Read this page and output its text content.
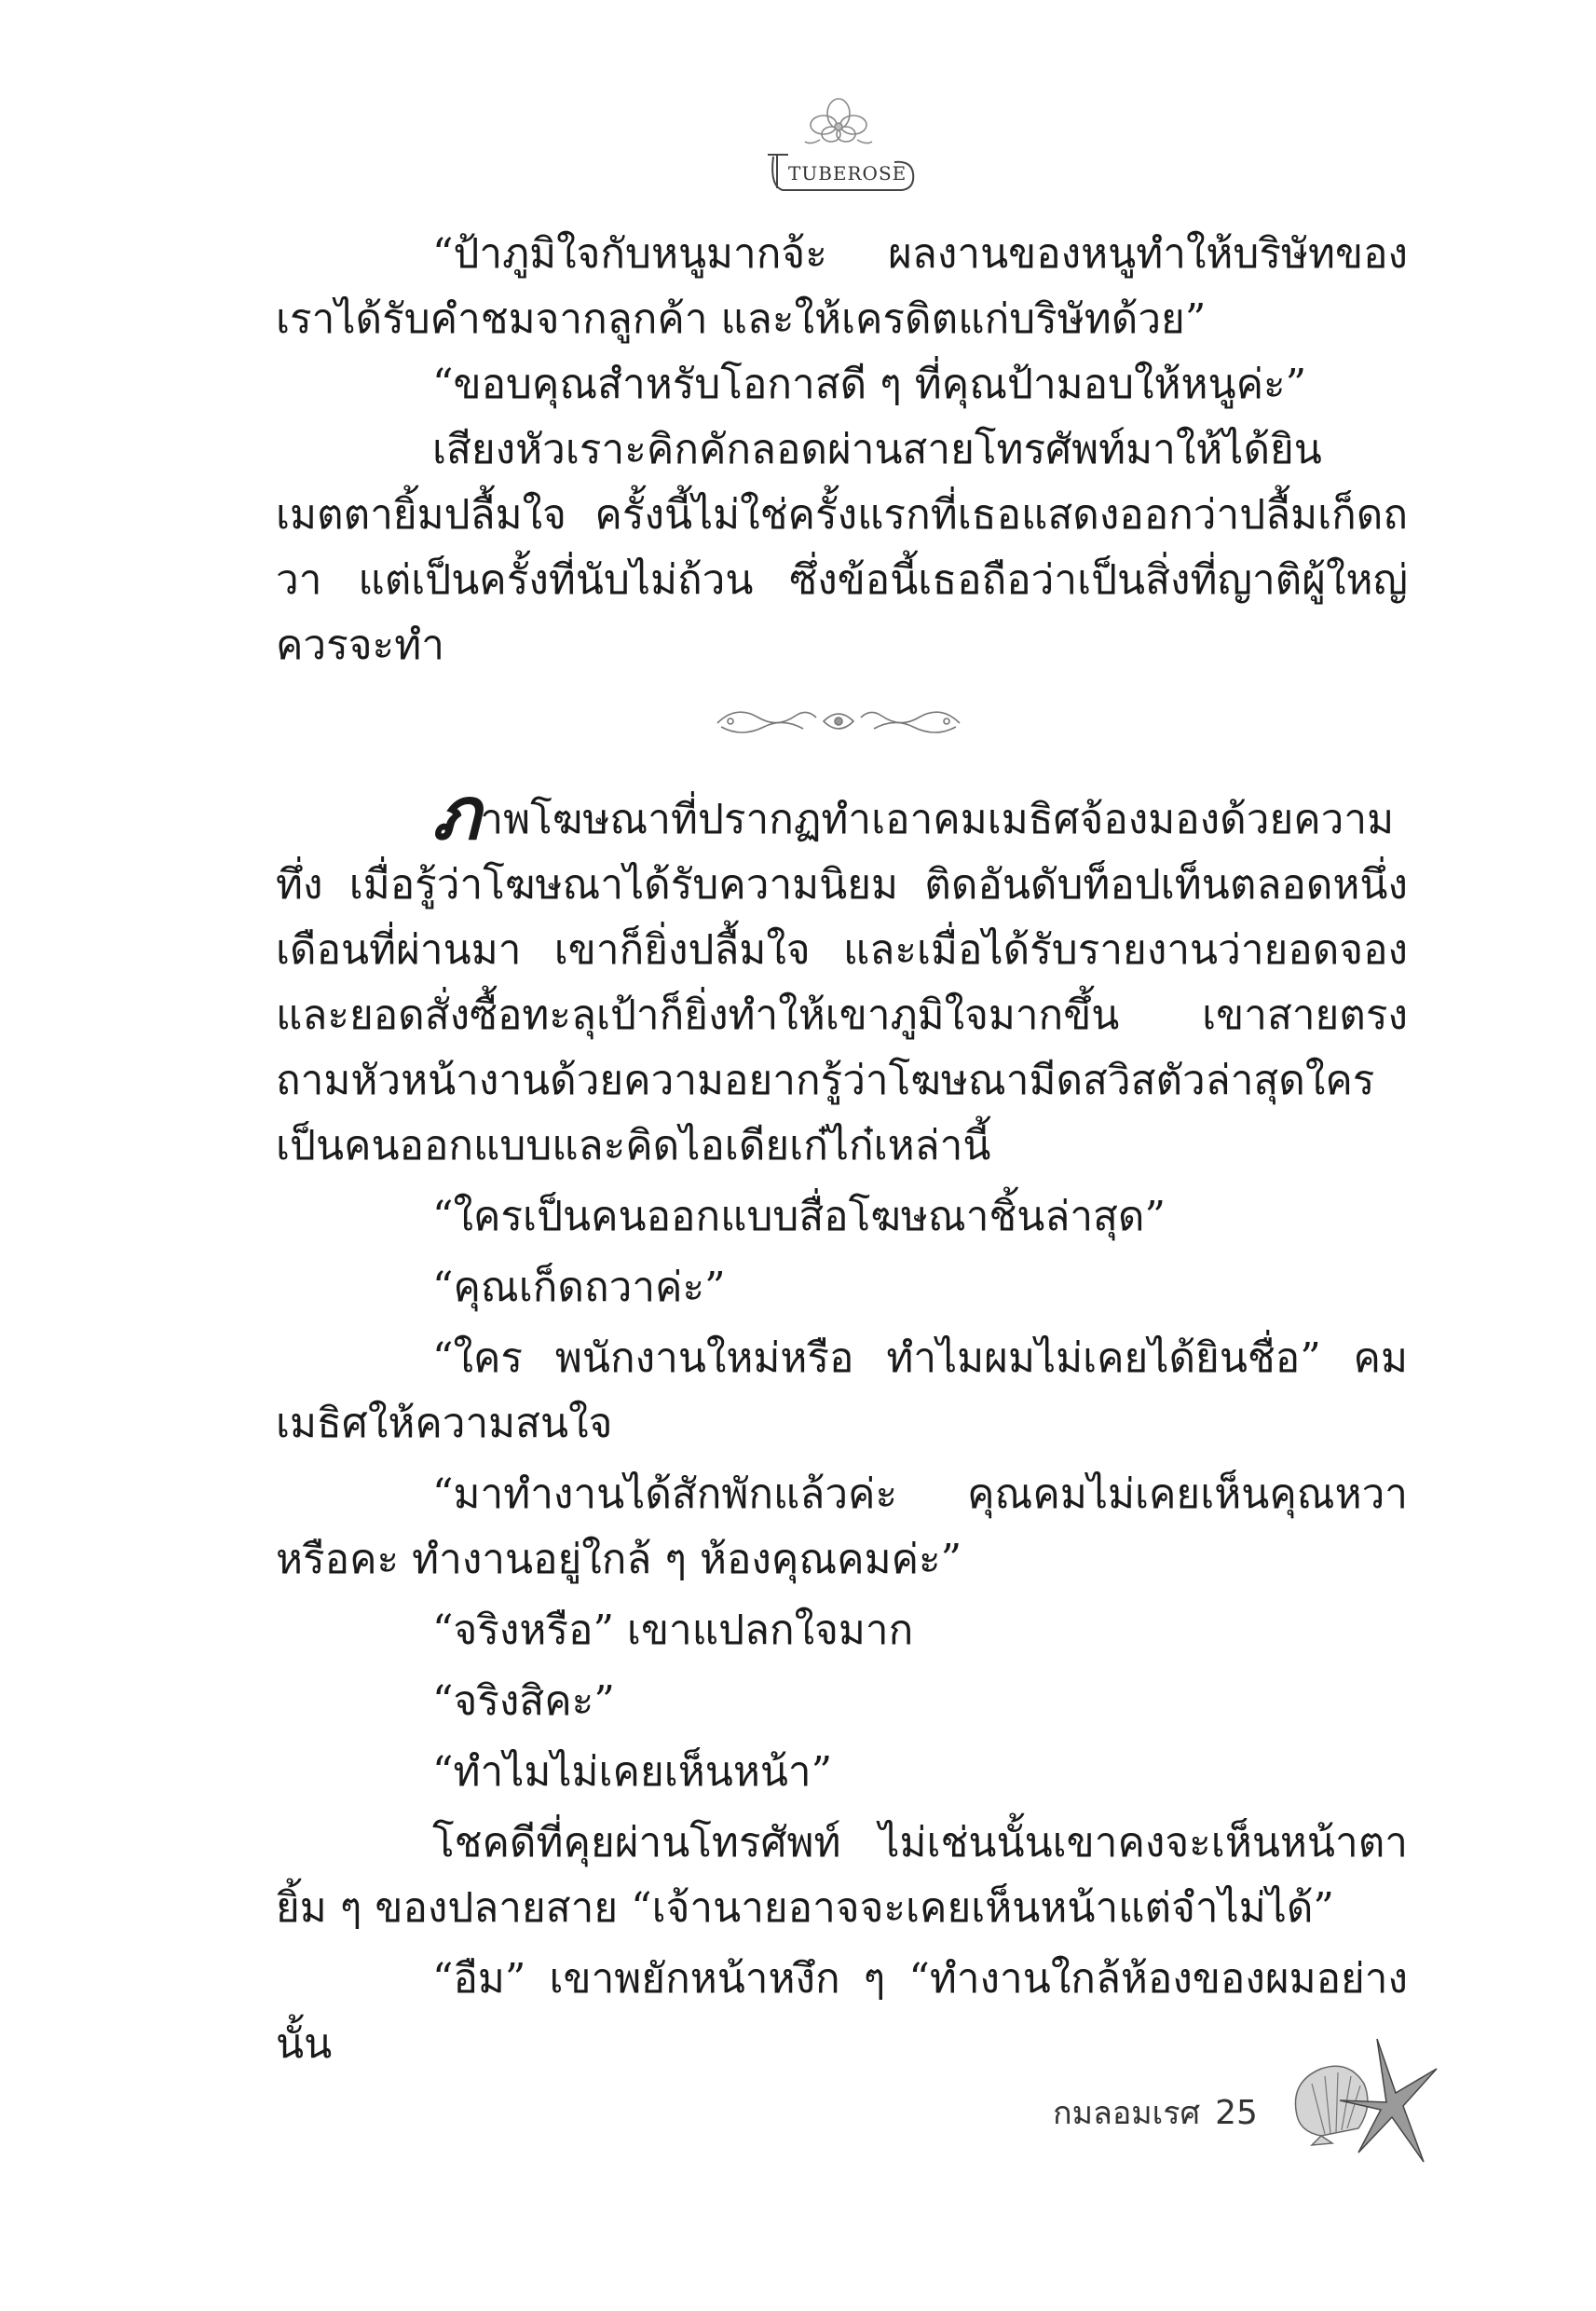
TUBEROSE

“ป้าภูมิใจกับหนูมากจ้ะ ผลงานของหนูทำให้บริษัทของเราได้รับคำชมจากลูกค้า และให้เครดิตแก่บริษัทด้วย”

“ขอบคุณสำหรับโอกาสดี ๆ ที่คุณป้ามอบให้หนูค่ะ”

เสียงหัวเราะคิกคักลอดผ่านสายโทรศัพท์มาให้ได้ยิน เมตตายิ้มปลื้มใจ ครั้งนี้ไม่ใช่ครั้งแรกที่เธอแสดงออกว่าปลื้มเก็ดถวา แต่เป็นครั้งที่นับไม่ถ้วน ซึ่งข้อนี้เธอถือว่าเป็นสิ่งที่ญาติผู้ใหญ่ควรจะทำ

ภาพโฆษณาที่ปรากฏทำเอาคมเมธิศจ้องมองด้วยความทึ่ง เมื่อรู้ว่าโฆษณาได้รับความนิยม ติดอันดับท็อปเท็นตลอดหนึ่งเดือนที่ผ่านมา เขาก็ยิ่งปลื้มใจ และเมื่อได้รับรายงานว่ายอดจองและยอดสั่งซื้อทะลุเป้าก็ยิ่งทำให้เขาภูมิใจมากขึ้น เขาสายตรงถามหัวหน้างานด้วยความอยากรู้ว่าโฆษณามีดสวิสตัวล่าสุดใครเป็นคนออกแบบและคิดไอเดียเก๋ไก๋เหล่านี้

“ใครเป็นคนออกแบบสื่อโฆษณาชิ้นล่าสุด”

“คุณเก็ดถวาค่ะ”

“ใคร พนักงานใหม่หรือ ทำไมผมไม่เคยได้ยินชื่อ” คมเมธิศให้ความสนใจ

“มาทำงานได้สักพักแล้วค่ะ คุณคมไม่เคยเห็นคุณหวาหรือคะ ทำงานอยู่ใกล้ ๆ ห้องคุณคมค่ะ”

“จริงหรือ” เขาแปลกใจมาก

“จริงสิคะ”

“ทำไมไม่เคยเห็นหน้า”

โชคดีที่คุยผ่านโทรศัพท์ ไม่เช่นนั้นเขาคงจะเห็นหน้าตายิ้ม ๆ ของปลายสาย “เจ้านายอาจจะเคยเห็นหน้าแต่จำไม่ได้”

“อืม” เขาพยักหน้าหงึก ๆ “ทำงานใกล้ห้องของผมอย่างนั้น

กมลอมเรศ 25
